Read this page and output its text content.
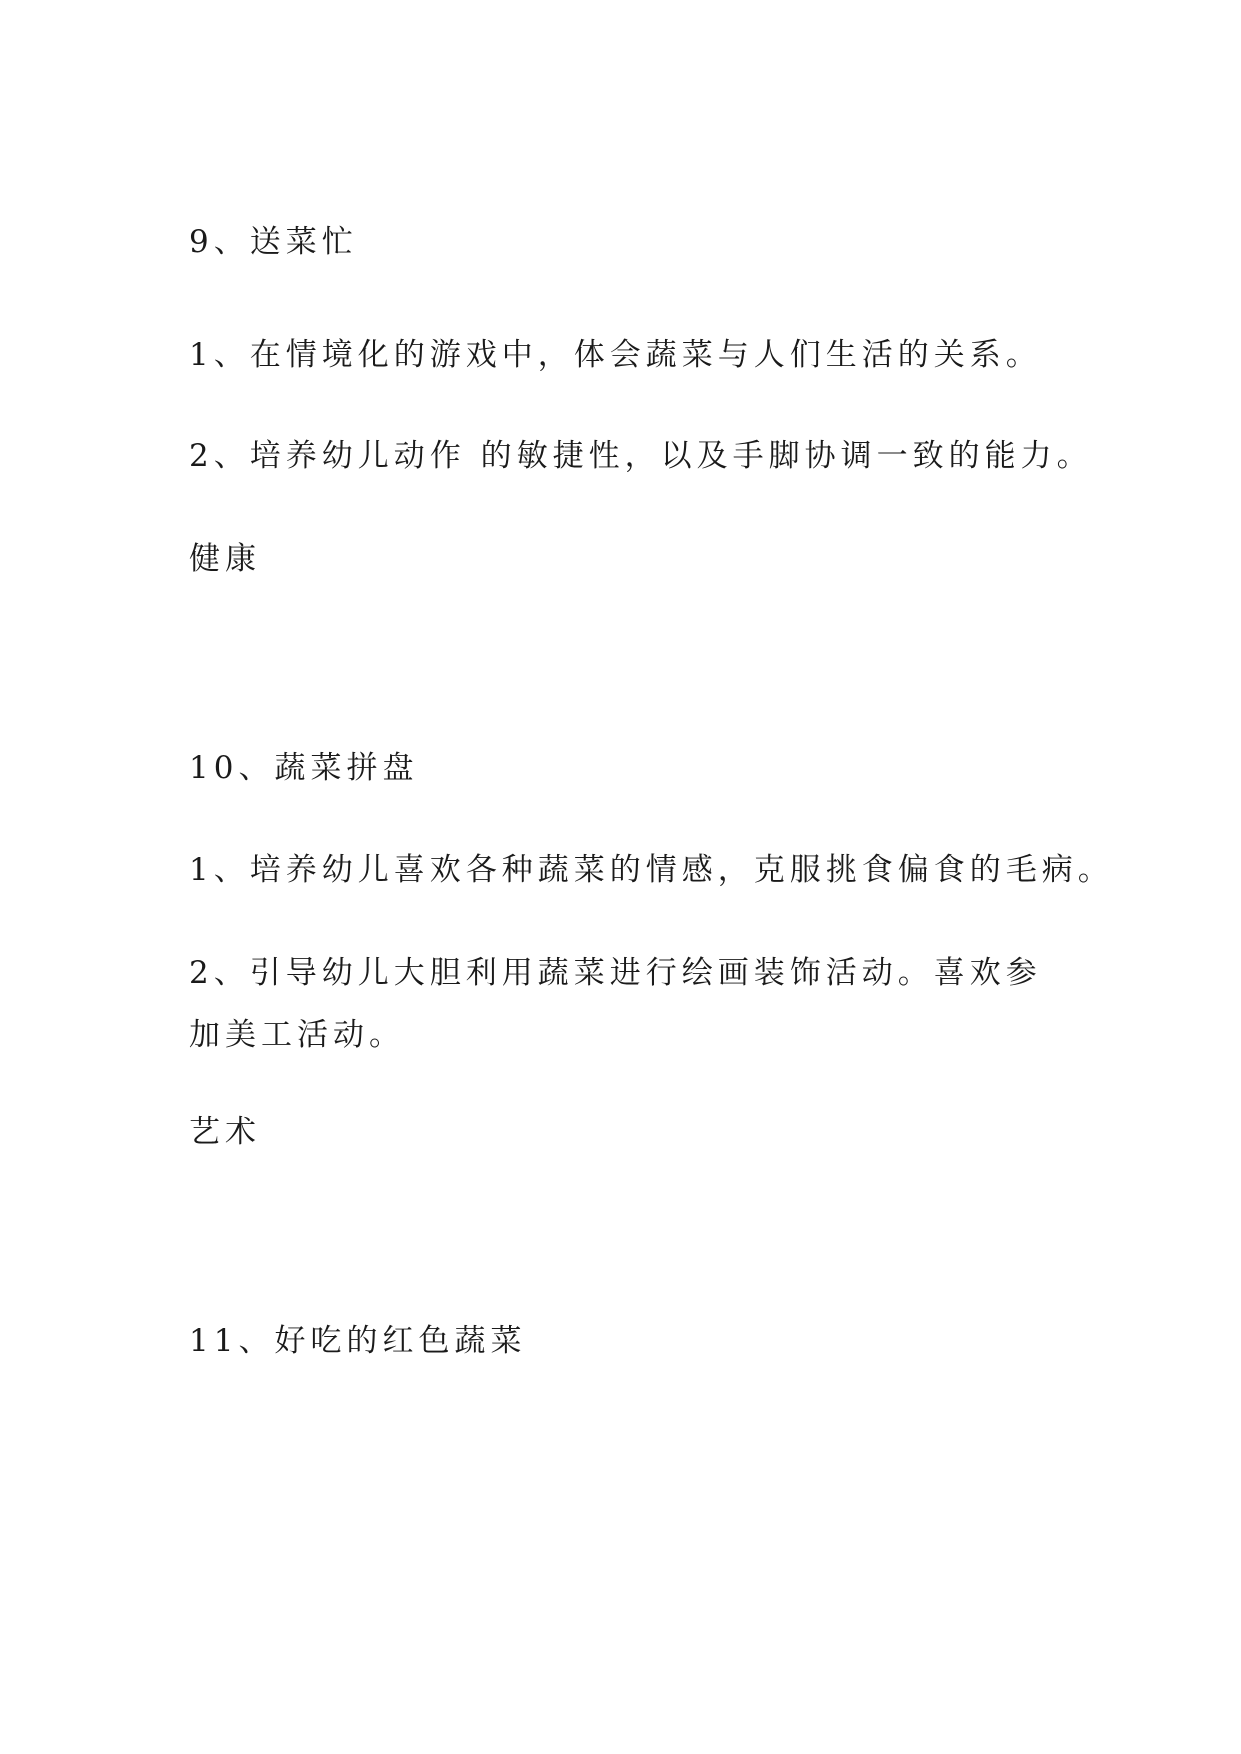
9、送菜忙
1、在情境化的游戏中，体会蔬菜与人们生活的关系。
2、培养幼儿动作 的敏捷性，以及手脚协调一致的能力。
健康
10、蔬菜拼盘
1、培养幼儿喜欢各种蔬菜的情感，克服挑食偏食的毛病。
2、引导幼儿大胆利用蔬菜进行绘画装饰活动。喜欢参加美工活动。
艺术
11、好吃的红色蔬菜
